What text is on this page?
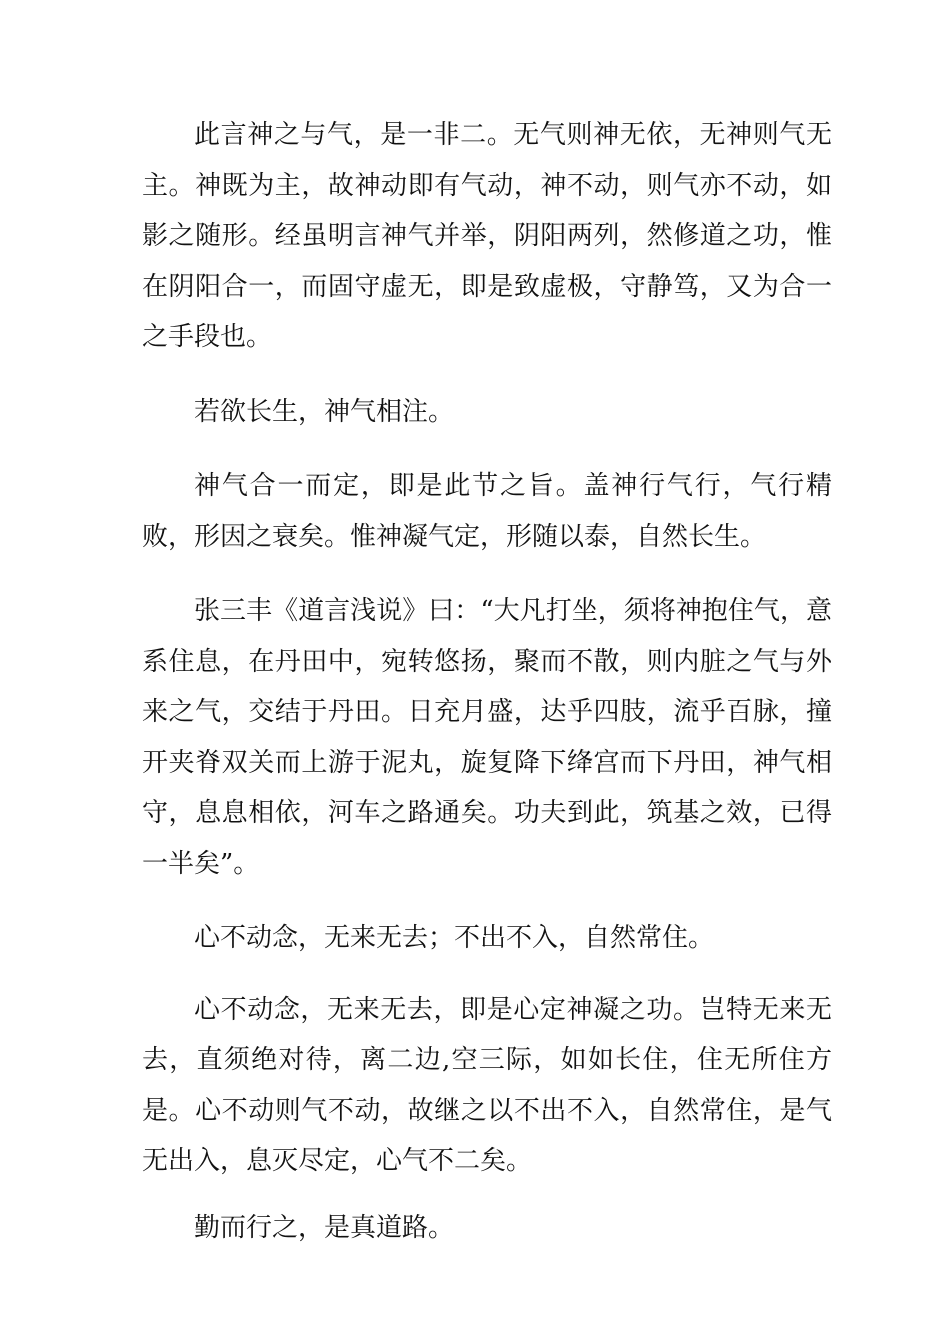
此言神之与气，是一非二。无气则神无依，无神则气无主。神既为主，故神动即有气动，神不动，则气亦不动，如影之随形。经虽明言神气并举，阴阳两列，然修道之功，惟在阴阳合一，而固守虚无，即是致虚极，守静笃，又为合一之手段也。

若欲长生，神气相注。

神气合一而定，即是此节之旨。盖神行气行，气行精败，形因之衰矣。惟神凝气定，形随以泰，自然长生。

张三丰《道言浅说》曰：“大凡打坐，须将神抱住气，意系住息，在丹田中，宛转悠扬，聚而不散，则内脏之气与外来之气，交结于丹田。日充月盛，达乎四肢，流乎百脉，撞开夹脊双关而上游于泥丸，旋复降下绛宫而下丹田，神气相守，息息相依，河车之路通矣。功夫到此，筑基之效，已得一半矣”。

心不动念，无来无去；不出不入，自然常住。

心不动念，无来无去，即是心定神凝之功。岂特无来无去，直须绝对待，离二边,空三际，如如长住，住无所住方是。心不动则气不动，故继之以不出不入，自然常住，是气无出入，息灭尽定，心气不二矣。

勤而行之，是真道路。
